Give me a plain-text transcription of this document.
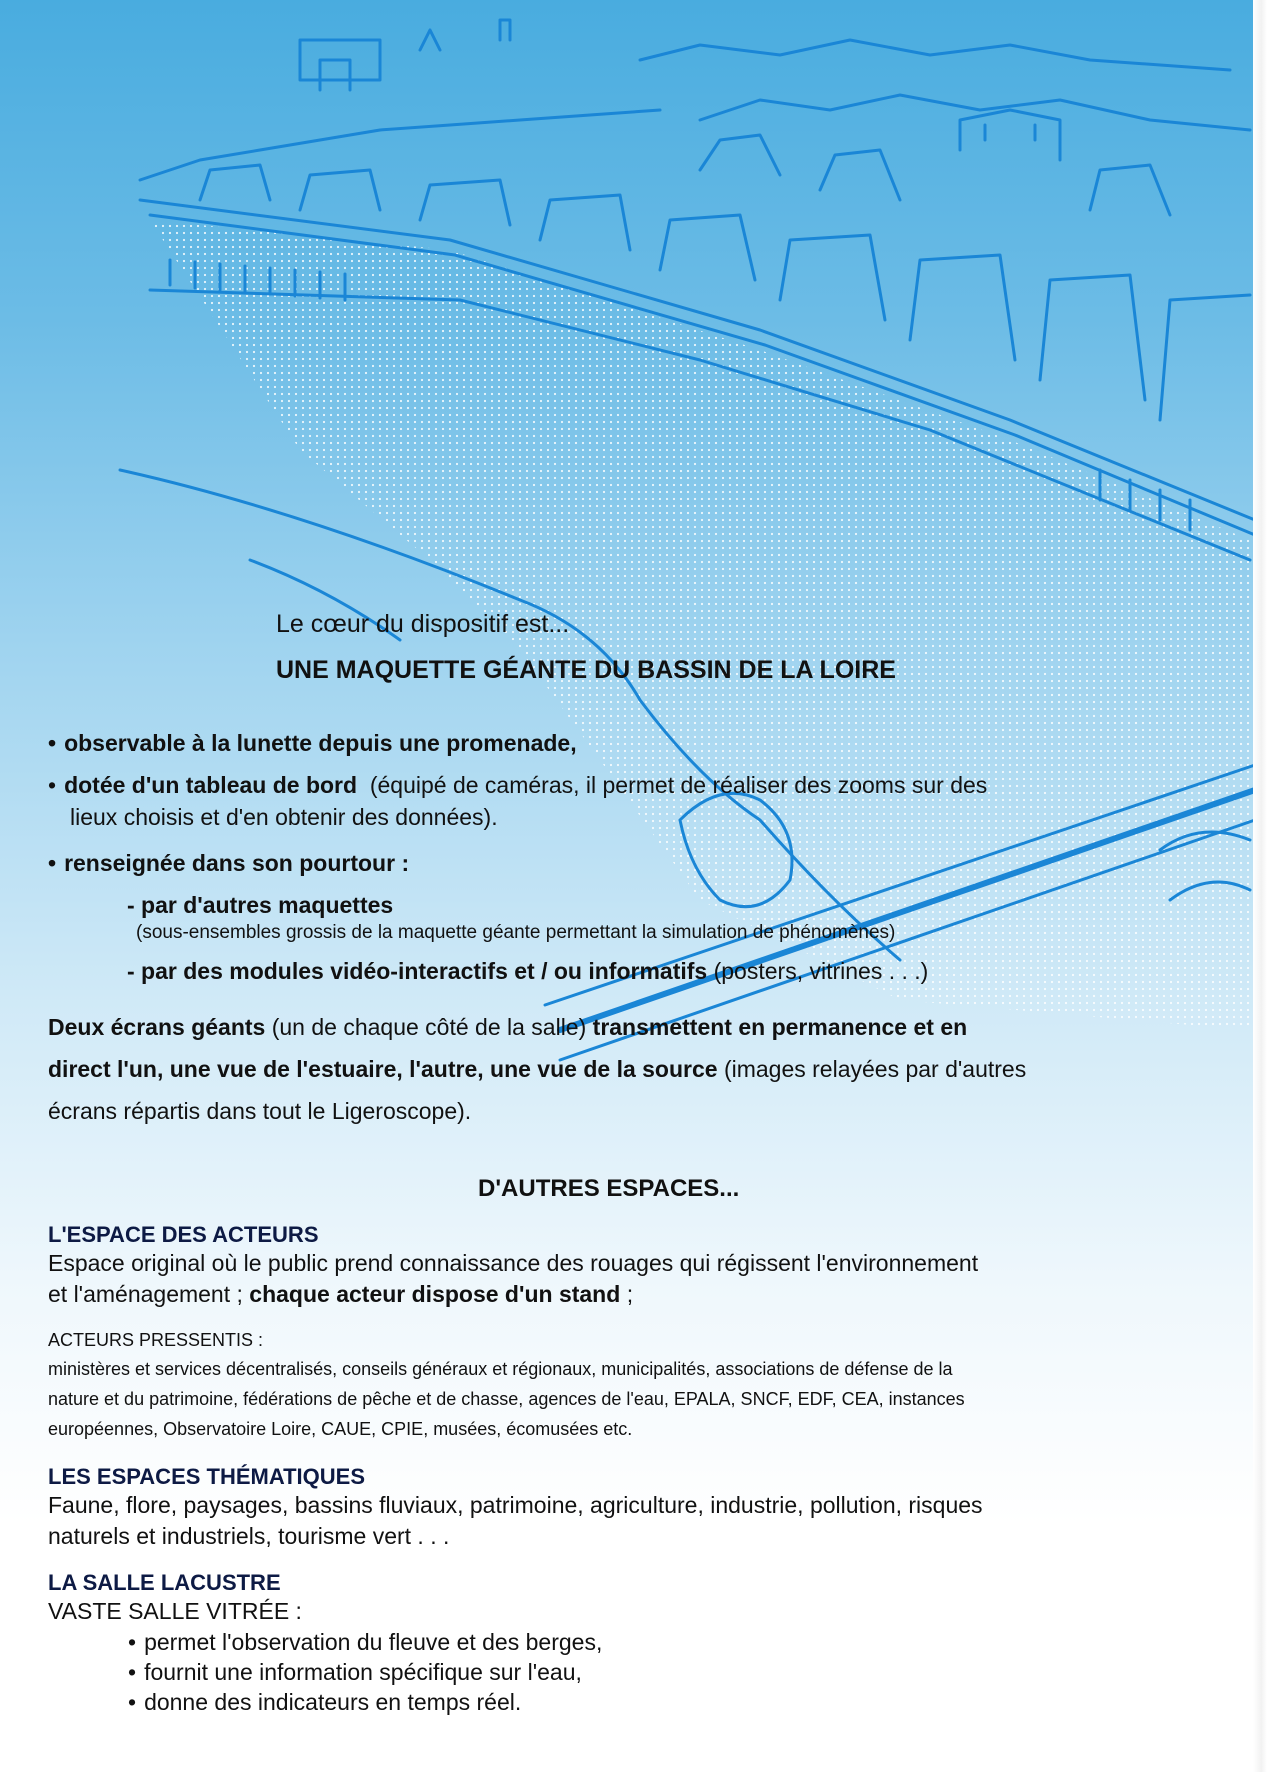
Le cœur du dispositif est...
UNE MAQUETTE GÉANTE DU BASSIN DE LA LOIRE
• observable à la lunette depuis une promenade,
• dotée d'un tableau de bord (équipé de caméras, il permet de réaliser des zooms sur des
lieux choisis et d'en obtenir des données).
• renseignée dans son pourtour :
- par d'autres maquettes
(sous-ensembles grossis de la maquette géante permettant la simulation de phénomènes)
- par des modules vidéo-interactifs et / ou informatifs (posters, vitrines . . .)
Deux écrans géants (un de chaque côté de la salle) transmettent en permanence et en
direct l'un, une vue de l'estuaire, l'autre, une vue de la source (images relayées par d'autres
écrans répartis dans tout le Ligeroscope).
D'AUTRES ESPACES...
L'ESPACE DES ACTEURS
Espace original où le public prend connaissance des rouages qui régissent l'environnement
et l'aménagement ; chaque acteur dispose d'un stand ;
ACTEURS PRESSENTIS :
ministères et services décentralisés, conseils généraux et régionaux, municipalités, associations de défense de la
nature et du patrimoine, fédérations de pêche et de chasse, agences de l'eau, EPALA, SNCF, EDF, CEA, instances
européennes, Observatoire Loire, CAUE, CPIE, musées, écomusées etc.
LES ESPACES THÉMATIQUES
Faune, flore, paysages, bassins fluviaux, patrimoine, agriculture, industrie, pollution, risques
naturels et industriels, tourisme vert . . .
LA SALLE LACUSTRE
VASTE SALLE VITRÉE :
• permet l'observation du fleuve et des berges,
• fournit une information spécifique sur l'eau,
• donne des indicateurs en temps réel.
